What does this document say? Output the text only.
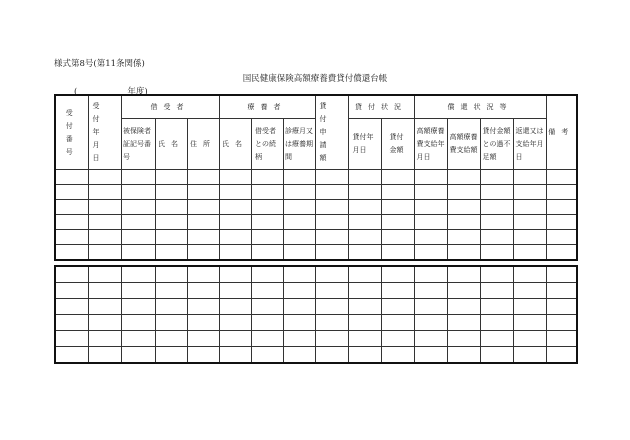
様式第8号(第11条関係)
国民健康保険高額療養費貸付償還台帳
(	年度)
受付番号	受付年月日	借受者			療養者			貸付申請額	貸付状況		償還状況等				備考
		被保険者証記号番号	氏名	住所	氏名	借受者との続柄	診療月又は療養期間		貸付年月日	貸付金額	高額療養費支給年月日	高額療養費支給額	貸付金額との過不足額	返還又は支給年月日	
